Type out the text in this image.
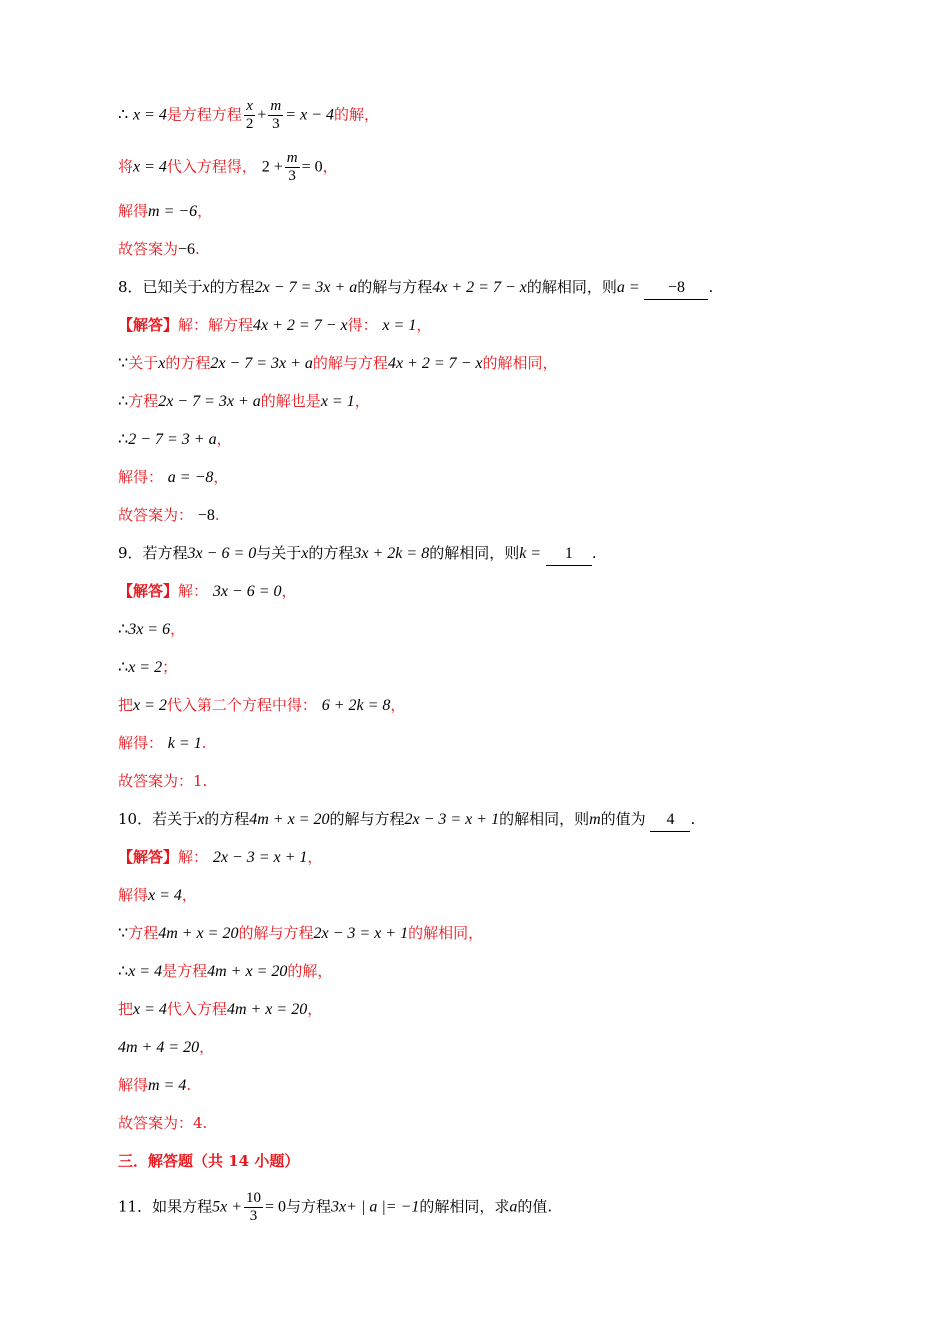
∴ x = 4是方程方程 $\frac{x}{2} + \frac{m}{3} = x - 4$的解，
将x = 4代入方程得， $2 + \frac{m}{3} = 0$，
解得m = −6，
故答案为−6.
8．已知关于x的方程2x − 7 = 3x + a的解与方程4x + 2 = 7 − x的解相同，则a = −8 .
【解答】解：解方程4x + 2 = 7 − x得： x = 1，
∵关于x的方程2x − 7 = 3x + a的解与方程4x + 2 = 7 − x的解相同，
∴方程2x − 7 = 3x + a的解也是x = 1，
∴2 − 7 = 3 + a，
解得： a = −8，
故答案为： −8.
9．若方程3x − 6 = 0与关于x的方程3x + 2k = 8的解相同，则k = 1 .
【解答】解： 3x − 6 = 0，
∴3x = 6，
∴x = 2；
把x = 2代入第二个方程中得： 6 + 2k = 8，
解得： k = 1.
故答案为：1.
10．若关于x的方程4m + x = 20的解与方程2x − 3 = x + 1的解相同，则m的值为 4 .
【解答】解： 2x − 3 = x + 1，
解得x = 4，
∵方程4m + x = 20的解与方程2x − 3 = x + 1的解相同，
∴x = 4是方程4m + x = 20的解，
把x = 4代入方程4m + x = 20，
4m + 4 = 20，
解得m = 4.
故答案为：4.
三．解答题（共 14 小题）
11．如果方程$5x + \frac{10}{3} = 0$与方程3x+ | a |= −1的解相同，求a的值.
